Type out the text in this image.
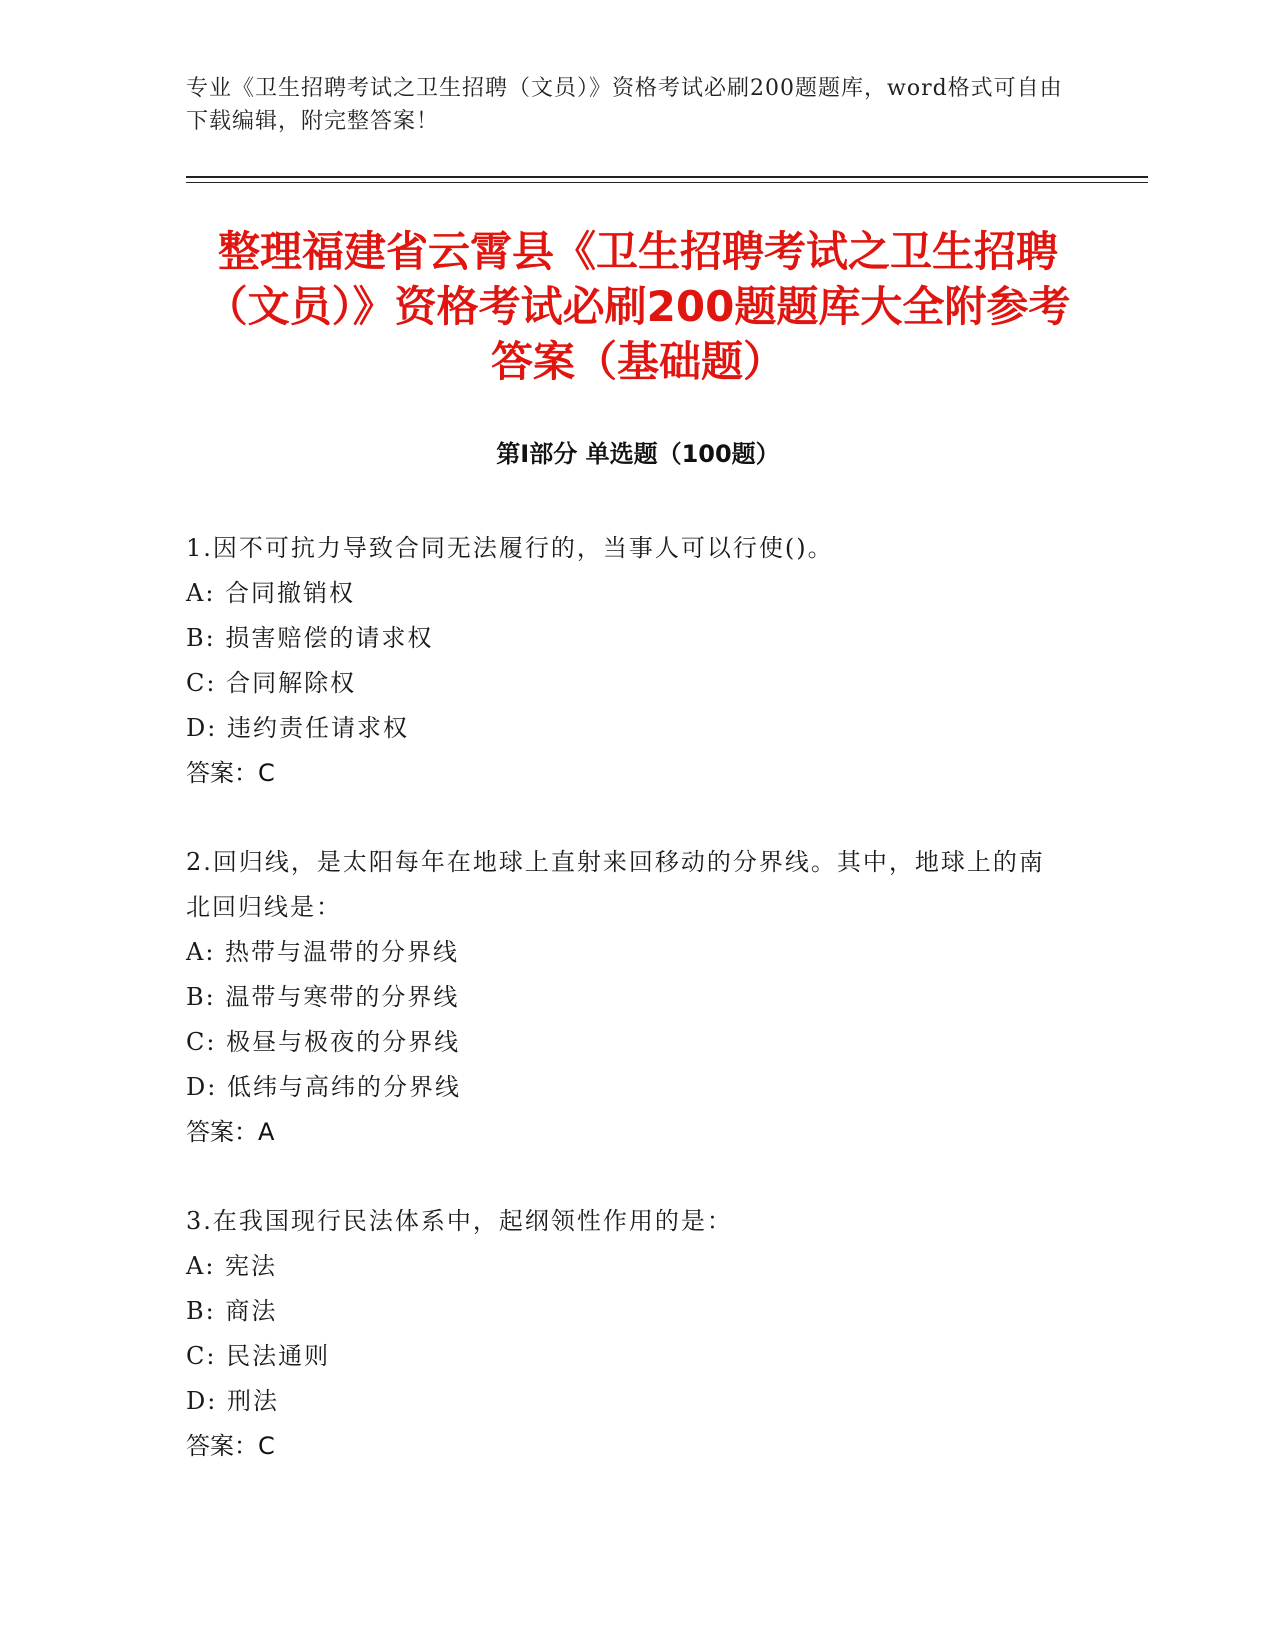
专业《卫生招聘考试之卫生招聘（文员）》资格考试必刷200题题库，word格式可自由下载编辑，附完整答案！
整理福建省云霄县《卫生招聘考试之卫生招聘（文员）》资格考试必刷200题题库大全附参考答案（基础题）
第Ⅰ部分 单选题（100题）
1.因不可抗力导致合同无法履行的，当事人可以行使()。
A: 合同撤销权
B: 损害赔偿的请求权
C: 合同解除权
D: 违约责任请求权
答案：C
2.回归线，是太阳每年在地球上直射来回移动的分界线。其中，地球上的南北回归线是：
A: 热带与温带的分界线
B: 温带与寒带的分界线
C: 极昼与极夜的分界线
D: 低纬与高纬的分界线
答案：A
3.在我国现行民法体系中，起纲领性作用的是：
A: 宪法
B: 商法
C: 民法通则
D: 刑法
答案：C
